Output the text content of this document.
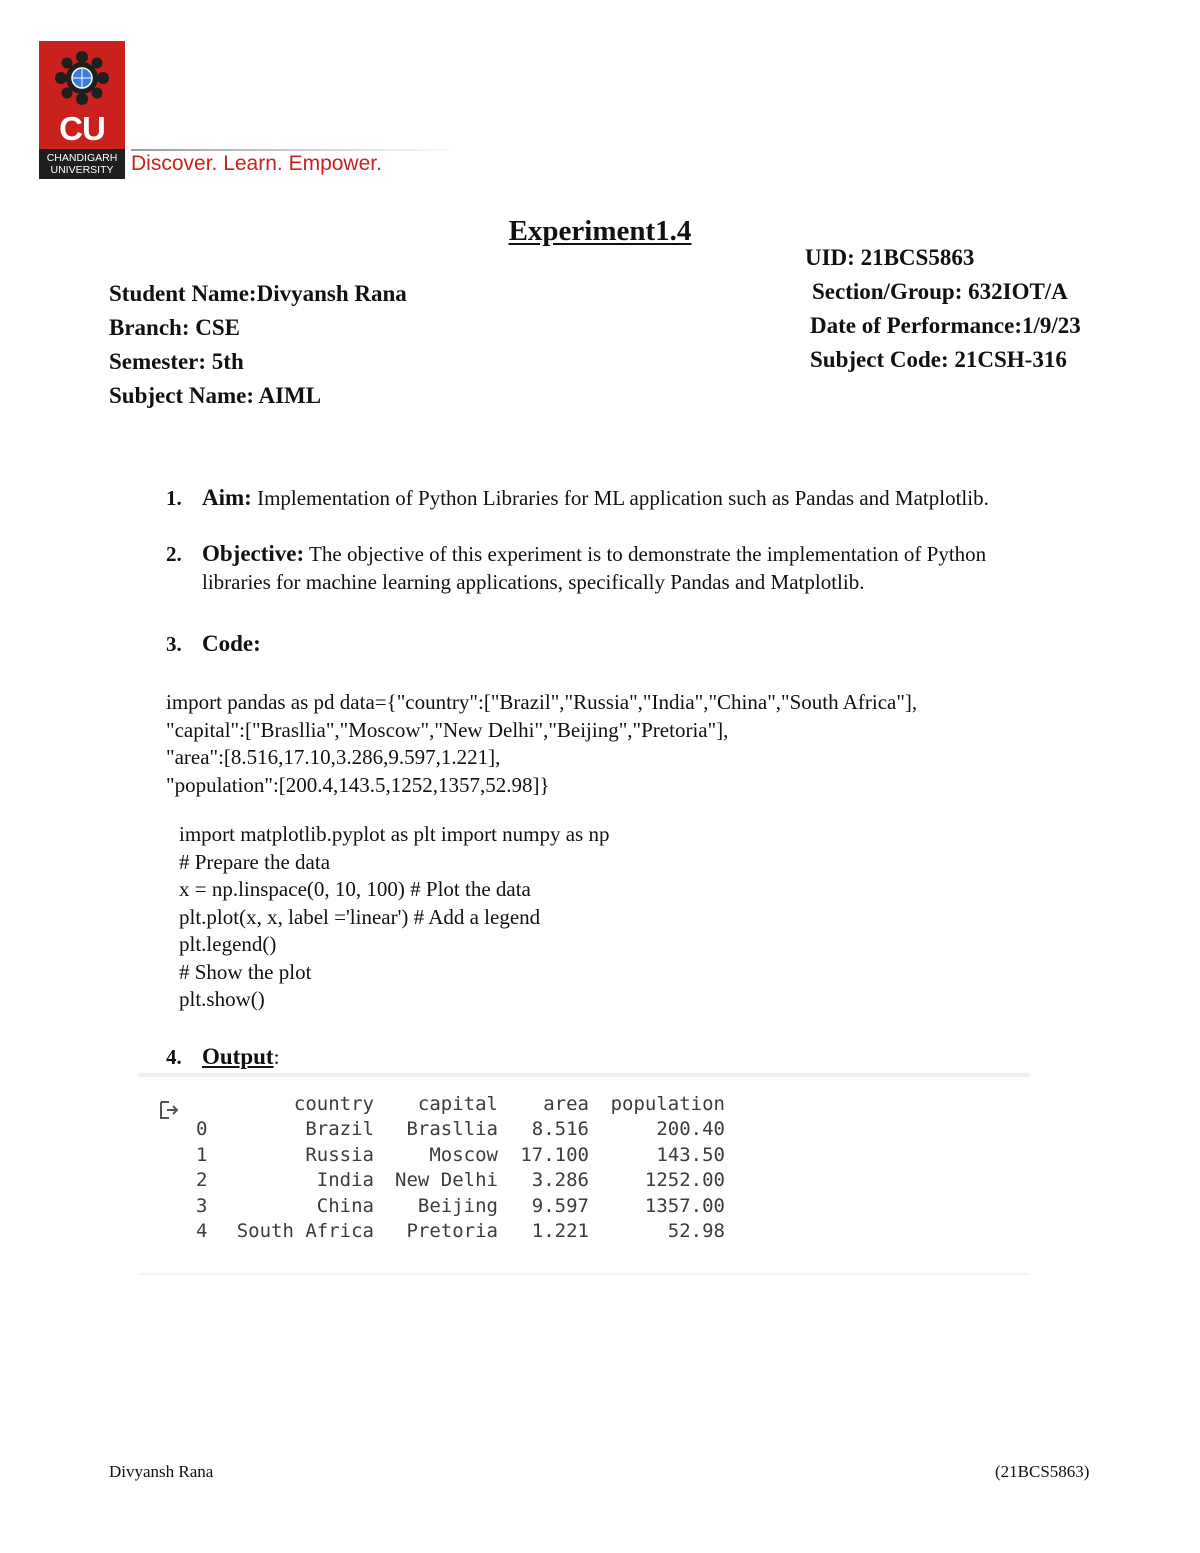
CU
CHANDIGARH
UNIVERSITY Discover. Learn. Empower.
Experiment1.4
Student Name:Divyansh Rana
Branch: CSE
Semester: 5th
Subject Name: AIML
UID: 21BCS5863
Section/Group: 632IOT/A
Date of Performance:1/9/23
Subject Code: 21CSH-316
1. Aim: Implementation of Python Libraries for ML application such as Pandas and Matplotlib.
2. Objective: The objective of this experiment is to demonstrate the implementation of Python libraries for machine learning applications, specifically Pandas and Matplotlib.
3. Code:
import pandas as pd data={"country":["Brazil","Russia","India","China","South Africa"],
"capital":["Brasllia","Moscow","New Delhi","Beijing","Pretoria"],
"area":[8.516,17.10,3.286,9.597,1.221],
"population":[200.4,143.5,1252,1357,52.98]}
import matplotlib.pyplot as plt import numpy as np
# Prepare the data
x = np.linspace(0, 10, 100) # Plot the data
plt.plot(x, x, label ='linear') # Add a legend
plt.legend()
# Show the plot
plt.show()
4. Output:
	country	capital	area	population
0	Brazil	Brasllia	8.516	200.40
1	Russia	Moscow	17.100	143.50
2	India	New Delhi	3.286	1252.00
3	China	Beijing	9.597	1357.00
4	South Africa	Pretoria	1.221	52.98
Divyansh Rana	(21BCS5863)
